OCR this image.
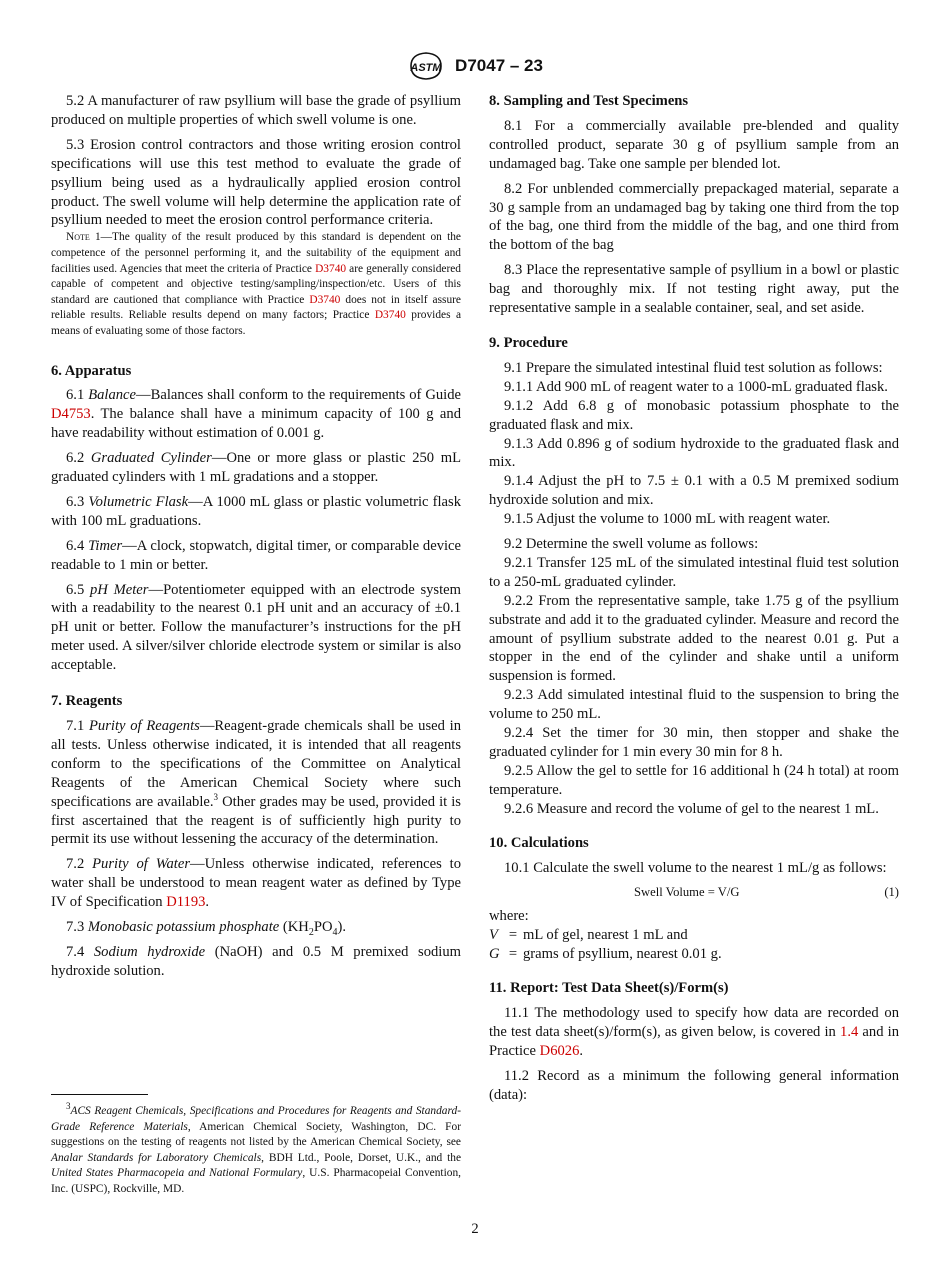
ASTM D7047 – 23

5.2 A manufacturer of raw psyllium will base the grade of psyllium produced on multiple properties of which swell volume is one.

5.3 Erosion control contractors and those writing erosion control specifications will use this test method to evaluate the grade of psyllium being used as a hydraulically applied erosion control product. The swell volume will help determine the application rate of psyllium needed to meet the erosion control performance criteria.

Note 1—The quality of the result produced by this standard is dependent on the competence of the personnel performing it, and the suitability of the equipment and facilities used. Agencies that meet the criteria of Practice D3740 are generally considered capable of competent and objective testing/sampling/inspection/etc. Users of this standard are cautioned that compliance with Practice D3740 does not in itself assure reliable results. Reliable results depend on many factors; Practice D3740 provides a means of evaluating some of those factors.

6. Apparatus

6.1 Balance—Balances shall conform to the requirements of Guide D4753. The balance shall have a minimum capacity of 100 g and have readability without estimation of 0.001 g.

6.2 Graduated Cylinder—One or more glass or plastic 250 mL graduated cylinders with 1 mL gradations and a stopper.

6.3 Volumetric Flask—A 1000 mL glass or plastic volumetric flask with 100 mL graduations.

6.4 Timer—A clock, stopwatch, digital timer, or comparable device readable to 1 min or better.

6.5 pH Meter—Potentiometer equipped with an electrode system with a readability to the nearest 0.1 pH unit and an accuracy of ±0.1 pH unit or better. Follow the manufacturer’s instructions for the pH meter used. A silver/silver chloride electrode system or similar is also acceptable.

7. Reagents

7.1 Purity of Reagents—Reagent-grade chemicals shall be used in all tests. Unless otherwise indicated, it is intended that all reagents conform to the specifications of the Committee on Analytical Reagents of the American Chemical Society where such specifications are available.$^3$ Other grades may be used, provided it is first ascertained that the reagent is of sufficiently high purity to permit its use without lessening the accuracy of the determination.

7.2 Purity of Water—Unless otherwise indicated, references to water shall be understood to mean reagent water as defined by Type IV of Specification D1193.

7.3 Monobasic potassium phosphate $(KH_2PO_4)$.

7.4 Sodium hydroxide (NaOH) and 0.5 M premixed sodium hydroxide solution.

$^3$ACS Reagent Chemicals, Specifications and Procedures for Reagents and Standard-Grade Reference Materials, American Chemical Society, Washington, DC. For suggestions on the testing of reagents not listed by the American Chemical Society, see Analar Standards for Laboratory Chemicals, BDH Ltd., Poole, Dorset, U.K., and the United States Pharmacopeia and National Formulary, U.S. Pharmacopeial Convention, Inc. (USPC), Rockville, MD.
8. Sampling and Test Specimens

8.1 For a commercially available pre-blended and quality controlled product, separate 30 g of psyllium sample from an undamaged bag. Take one sample per blended lot.

8.2 For unblended commercially prepackaged material, separate a 30 g sample from an undamaged bag by taking one third from the top of the bag, one third from the middle of the bag, and one third from the bottom of the bag

8.3 Place the representative sample of psyllium in a bowl or plastic bag and thoroughly mix. If not testing right away, put the representative sample in a sealable container, seal, and set aside.

9. Procedure

9.1 Prepare the simulated intestinal fluid test solution as follows:

9.1.1 Add 900 mL of reagent water to a 1000-mL graduated flask.

9.1.2 Add 6.8 g of monobasic potassium phosphate to the graduated flask and mix.

9.1.3 Add 0.896 g of sodium hydroxide to the graduated flask and mix.

9.1.4 Adjust the pH to 7.5 ± 0.1 with a 0.5 M premixed sodium hydroxide solution and mix.

9.1.5 Adjust the volume to 1000 mL with reagent water.

9.2 Determine the swell volume as follows:

9.2.1 Transfer 125 mL of the simulated intestinal fluid test solution to a 250-mL graduated cylinder.

9.2.2 From the representative sample, take 1.75 g of the psyllium substrate and add it to the graduated cylinder. Measure and record the amount of psyllium substrate added to the nearest 0.01 g. Put a stopper in the end of the cylinder and shake until a uniform suspension is formed.

9.2.3 Add simulated intestinal fluid to the suspension to bring the volume to 250 mL.

9.2.4 Set the timer for 30 min, then stopper and shake the graduated cylinder for 1 min every 30 min for 8 h.

9.2.5 Allow the gel to settle for 16 additional h (24 h total) at room temperature.

9.2.6 Measure and record the volume of gel to the nearest 1 mL.

10. Calculations

10.1 Calculate the swell volume to the nearest 1 mL/g as follows:

Swell Volume = V/G	(1)
where:
V = mL of gel, nearest 1 mL and
G = grams of psyllium, nearest 0.01 g.
11. Report: Test Data Sheet(s)/Form(s)

11.1 The methodology used to specify how data are recorded on the test data sheet(s)/form(s), as given below, is covered in 1.4 and in Practice D6026.

11.2 Record as a minimum the following general information (data):

2
